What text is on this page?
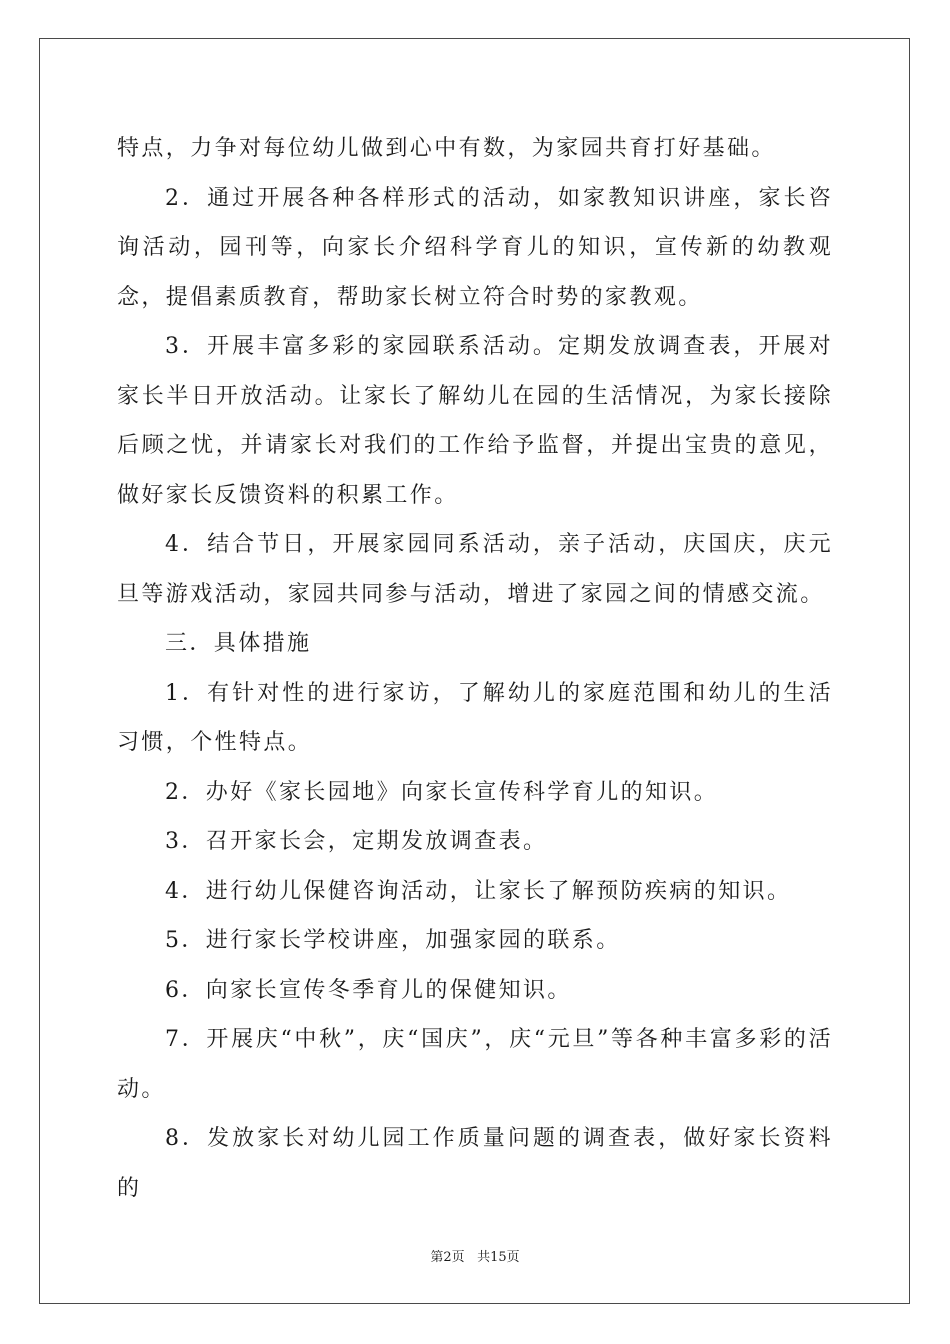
特点，力争对每位幼儿做到心中有数，为家园共育打好基础。

2．通过开展各种各样形式的活动，如家教知识讲座，家长咨询活动，园刊等，向家长介绍科学育儿的知识，宣传新的幼教观念，提倡素质教育，帮助家长树立符合时势的家教观。

3．开展丰富多彩的家园联系活动。定期发放调查表，开展对家长半日开放活动。让家长了解幼儿在园的生活情况，为家长接除后顾之忧，并请家长对我们的工作给予监督，并提出宝贵的意见，做好家长反馈资料的积累工作。

4．结合节日，开展家园同系活动，亲子活动，庆国庆，庆元旦等游戏活动，家园共同参与活动，增进了家园之间的情感交流。

三．具体措施

1．有针对性的进行家访，了解幼儿的家庭范围和幼儿的生活习惯，个性特点。

2．办好《家长园地》向家长宣传科学育儿的知识。

3．召开家长会，定期发放调查表。

4．进行幼儿保健咨询活动，让家长了解预防疾病的知识。

5．进行家长学校讲座，加强家园的联系。

6．向家长宣传冬季育儿的保健知识。

7．开展庆“中秋”，庆“国庆”，庆“元旦”等各种丰富多彩的活动。

8．发放家长对幼儿园工作质量问题的调查表，做好家长资料的

第2页 共15页
